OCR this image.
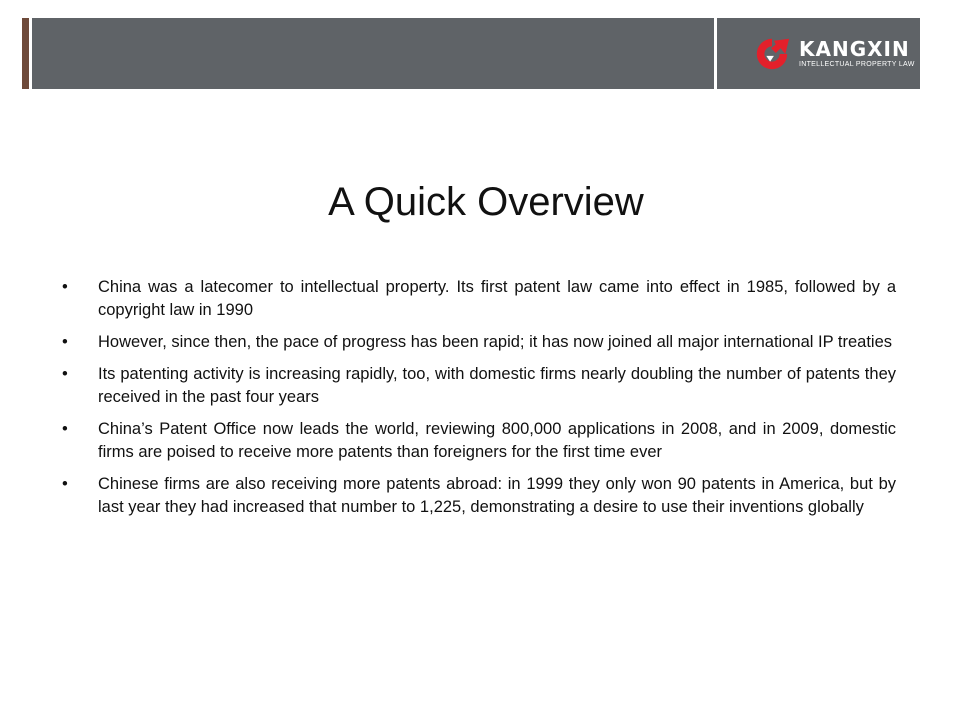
KANGXIN
INTELLECTUAL PROPERTY LAW
A Quick Overview
• China was a latecomer to intellectual property. Its first patent law came into effect in 1985, followed by a copyright law in 1990
• However, since then, the pace of progress has been rapid; it has now joined all major international IP treaties
• Its patenting activity is increasing rapidly, too, with domestic firms nearly doubling the number of patents they received in the past four years
• China’s Patent Office now leads the world, reviewing 800,000 applications in 2008, and in 2009, domestic firms are poised to receive more patents than foreigners for the first time ever
• Chinese firms are also receiving more patents abroad: in 1999 they only won 90 patents in America, but by last year they had increased that number to 1,225, demonstrating a desire to use their inventions globally
